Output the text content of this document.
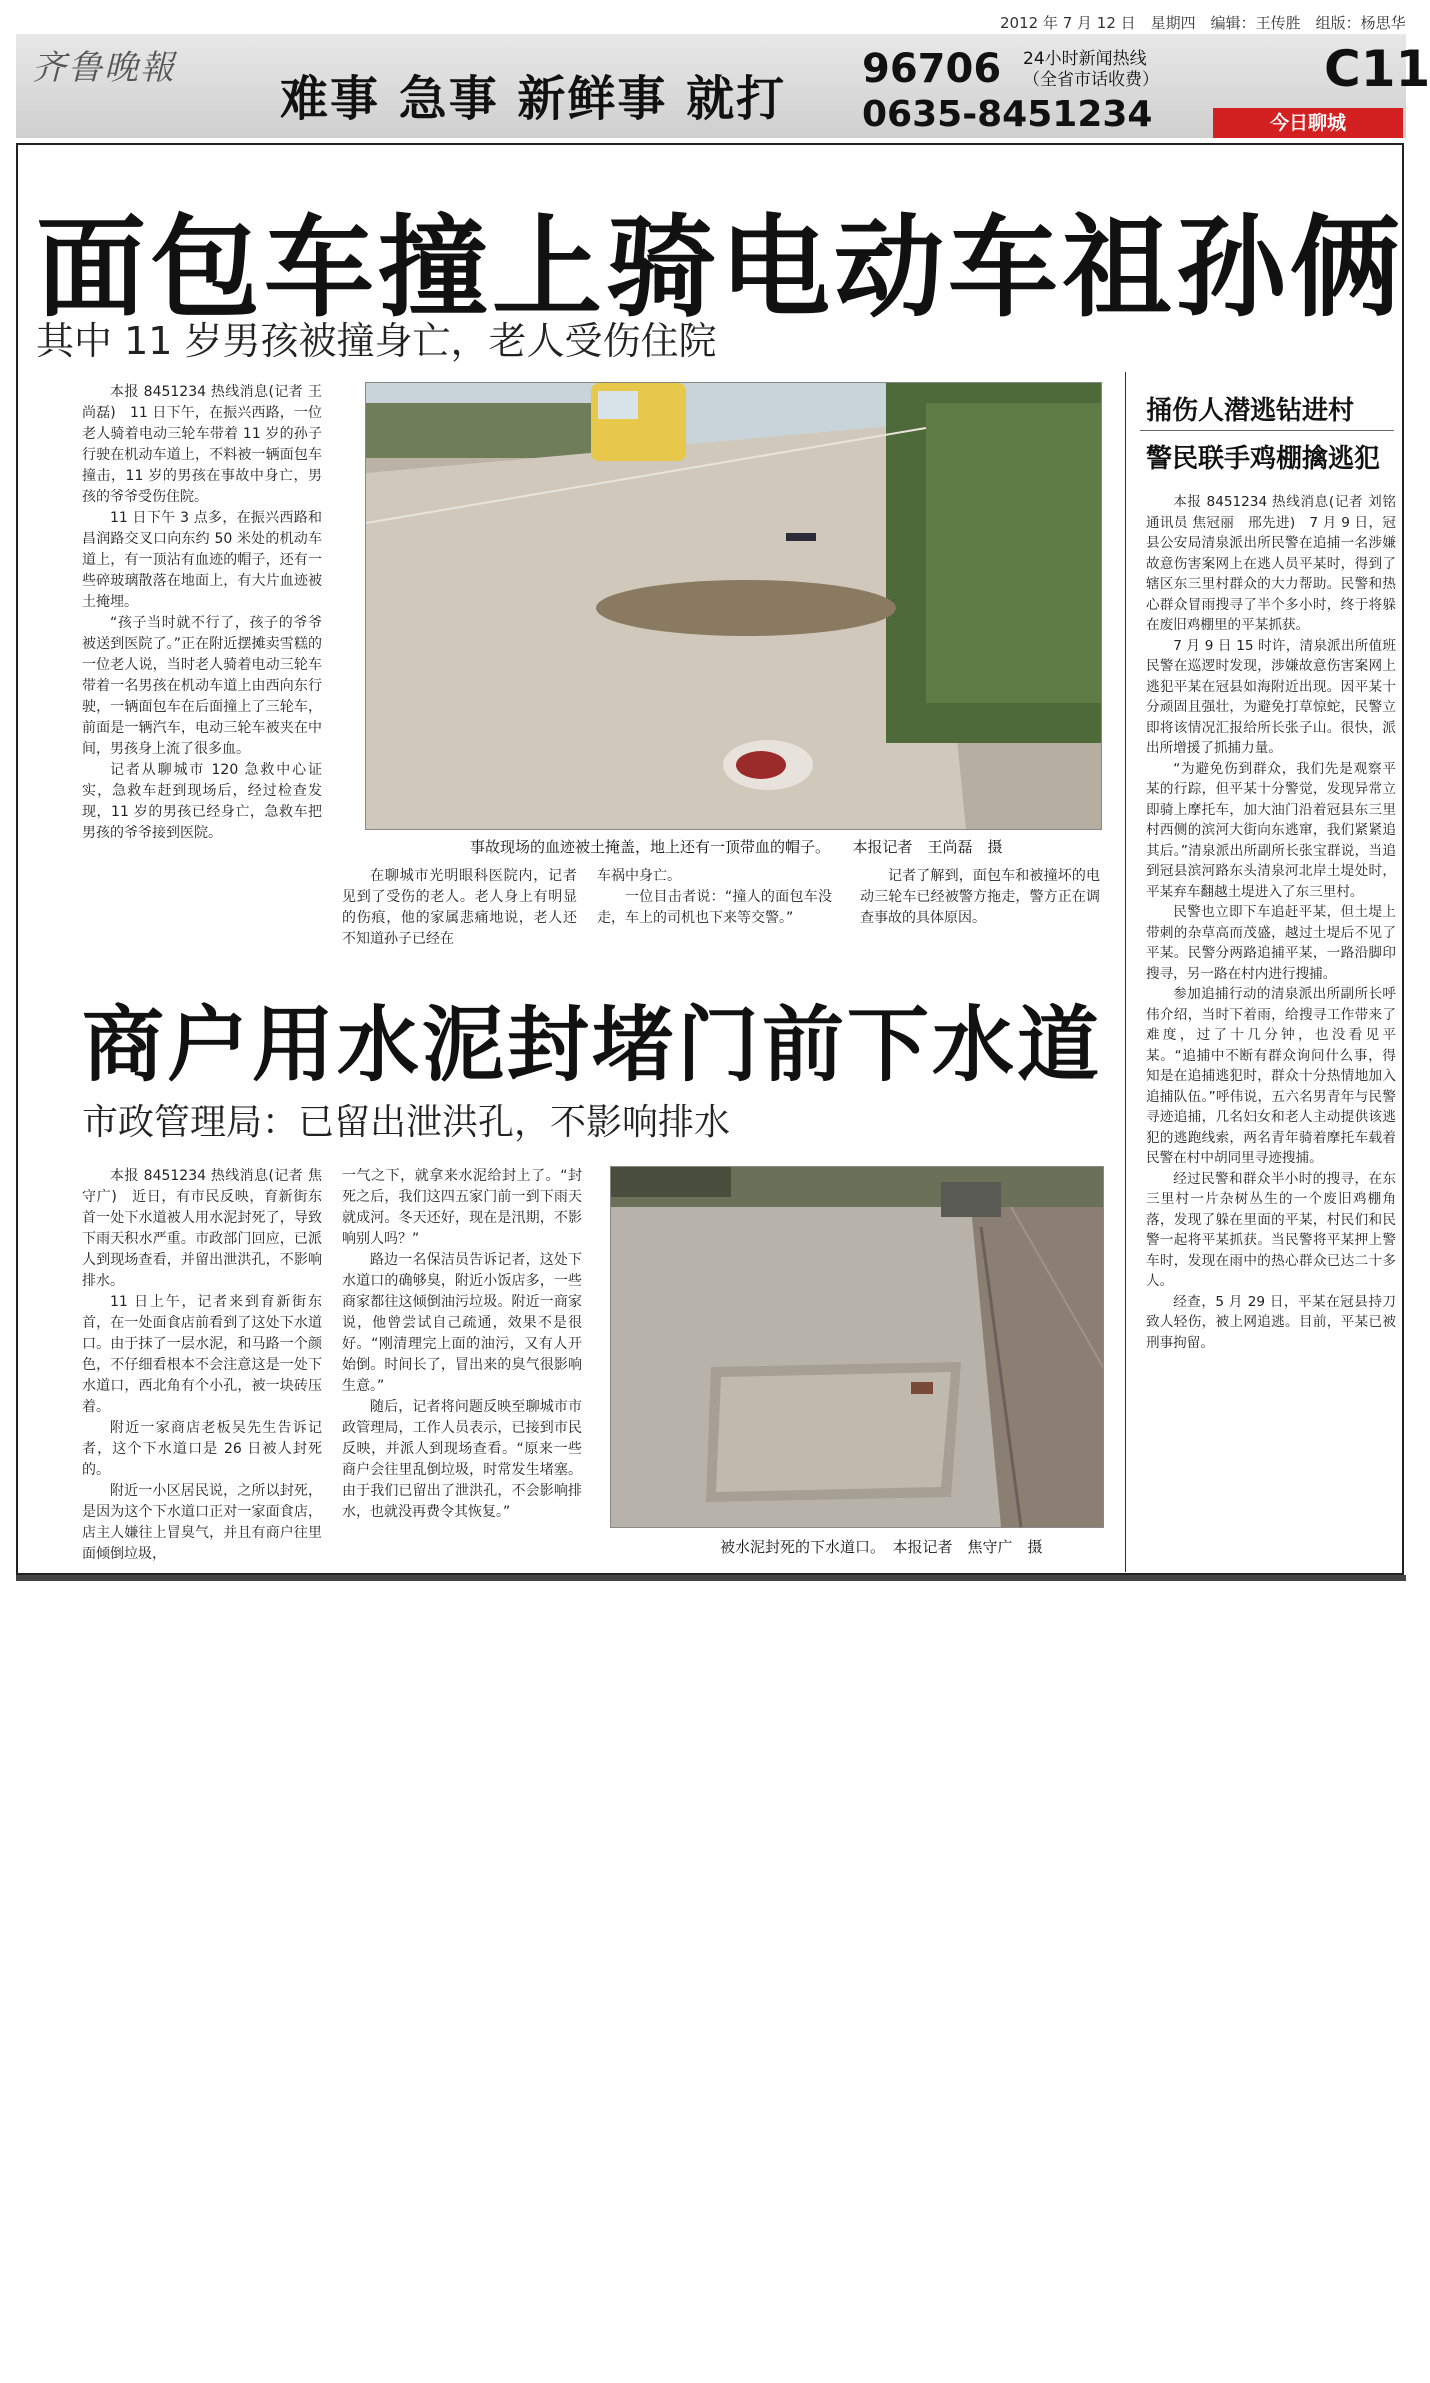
2012 年 7 月 12 日　星期四　编辑：王传胜　组版：杨思华
齐鲁晚報
难事 急事 新鲜事 就打
96706 24小时新闻热线
（全省市话收费）
0635-8451234
C11
今日聊城
面包车撞上骑电动车祖孙俩
其中 11 岁男孩被撞身亡，老人受伤住院

本报 8451234 热线消息(记者 王尚磊)　11 日下午，在振兴西路，一位老人骑着电动三轮车带着 11 岁的孙子行驶在机动车道上，不料被一辆面包车撞击，11 岁的男孩在事故中身亡，男孩的爷爷受伤住院。

11 日下午 3 点多，在振兴西路和昌润路交叉口向东约 50 米处的机动车道上，有一顶沾有血迹的帽子，还有一些碎玻璃散落在地面上，有大片血迹被土掩埋。

“孩子当时就不行了，孩子的爷爷被送到医院了。”正在附近摆摊卖雪糕的一位老人说，当时老人骑着电动三轮车带着一名男孩在机动车道上由西向东行驶，一辆面包车在后面撞上了三轮车，前面是一辆汽车，电动三轮车被夹在中间，男孩身上流了很多血。

记者从聊城市 120 急救中心证实，急救车赶到现场后，经过检查发现，11 岁的男孩已经身亡，急救车把男孩的爷爷接到医院。

事故现场的血迹被土掩盖，地上还有一顶带血的帽子。　　本报记者　王尚磊　摄

在聊城市光明眼科医院内，记者见到了受伤的老人。老人身上有明显的伤痕，他的家属悲痛地说，老人还不知道孙子已经在

车祸中身亡。

一位目击者说：“撞人的面包车没走，车上的司机也下来等交警。”

记者了解到，面包车和被撞坏的电动三轮车已经被警方拖走，警方正在调查事故的具体原因。

商户用水泥封堵门前下水道
市政管理局：已留出泄洪孔，不影响排水

本报 8451234 热线消息(记者 焦守广)　近日，有市民反映，育新街东首一处下水道被人用水泥封死了，导致下雨天积水严重。市政部门回应，已派人到现场查看，并留出泄洪孔，不影响排水。

11 日上午，记者来到育新街东首，在一处面食店前看到了这处下水道口。由于抹了一层水泥，和马路一个颜色，不仔细看根本不会注意这是一处下水道口，西北角有个小孔，被一块砖压着。

附近一家商店老板吴先生告诉记者，这个下水道口是 26 日被人封死的。

附近一小区居民说，之所以封死，是因为这个下水道口正对一家面食店，店主人嫌往上冒臭气，并且有商户往里面倾倒垃圾，

一气之下，就拿来水泥给封上了。“封死之后，我们这四五家门前一到下雨天就成河。冬天还好，现在是汛期，不影响别人吗？”

路边一名保洁员告诉记者，这处下水道口的确够臭，附近小饭店多，一些商家都往这倾倒油污垃圾。附近一商家说，他曾尝试自己疏通，效果不是很好。“刚清理完上面的油污，又有人开始倒。时间长了，冒出来的臭气很影响生意。”

随后，记者将问题反映至聊城市市政管理局，工作人员表示，已接到市民反映，并派人到现场查看。“原来一些商户会往里乱倒垃圾，时常发生堵塞。由于我们已留出了泄洪孔，不会影响排水，也就没再费令其恢复。”

被水泥封死的下水道口。　本报记者　焦守广　摄
捅伤人潜逃钻进村
警民联手鸡棚擒逃犯

本报 8451234 热线消息(记者 刘铭　通讯员 焦冠丽　邢先进)　7 月 9 日，冠县公安局清泉派出所民警在追捕一名涉嫌故意伤害案网上在逃人员平某时，得到了辖区东三里村群众的大力帮助。民警和热心群众冒雨搜寻了半个多小时，终于将躲在废旧鸡棚里的平某抓获。

7 月 9 日 15 时许，清泉派出所值班民警在巡逻时发现，涉嫌故意伤害案网上逃犯平某在冠县如海附近出现。因平某十分顽固且强壮，为避免打草惊蛇，民警立即将该情况汇报给所长张子山。很快，派出所增援了抓捕力量。

“为避免伤到群众，我们先是观察平某的行踪，但平某十分警觉，发现异常立即骑上摩托车，加大油门沿着冠县东三里村西侧的滨河大街向东逃窜，我们紧紧追其后。”清泉派出所副所长张宝群说，当追到冠县滨河路东头清泉河北岸土堤处时，平某弃车翻越土堤进入了东三里村。

民警也立即下车追赶平某，但土堤上带刺的杂草高而茂盛，越过土堤后不见了平某。民警分两路追捕平某，一路沿脚印搜寻，另一路在村内进行搜捕。

参加追捕行动的清泉派出所副所长呼伟介绍，当时下着雨，给搜寻工作带来了难度，过了十几分钟，也没看见平某。“追捕中不断有群众询问什么事，得知是在追捕逃犯时，群众十分热情地加入追捕队伍。”呼伟说，五六名男青年与民警寻迹追捕，几名妇女和老人主动提供该逃犯的逃跑线索，两名青年骑着摩托车载着民警在村中胡同里寻迹搜捕。

经过民警和群众半小时的搜寻，在东三里村一片杂树丛生的一个废旧鸡棚角落，发现了躲在里面的平某，村民们和民警一起将平某抓获。当民警将平某押上警车时，发现在雨中的热心群众已达二十多人。

经查，5 月 29 日，平某在冠县持刀致人轻伤，被上网追逃。目前，平某已被刑事拘留。
